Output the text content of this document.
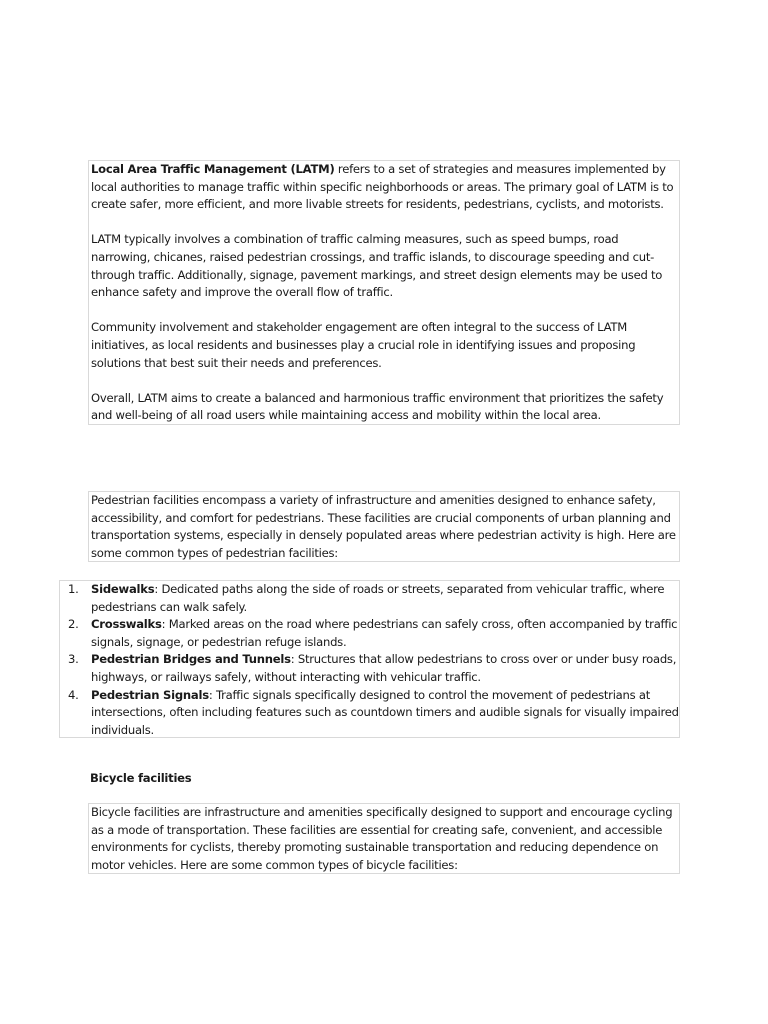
Local Area Traffic Management (LATM) refers to a set of strategies and measures implemented by local authorities to manage traffic within specific neighborhoods or areas. The primary goal of LATM is to create safer, more efficient, and more livable streets for residents, pedestrians, cyclists, and motorists.

LATM typically involves a combination of traffic calming measures, such as speed bumps, road narrowing, chicanes, raised pedestrian crossings, and traffic islands, to discourage speeding and cut-through traffic. Additionally, signage, pavement markings, and street design elements may be used to enhance safety and improve the overall flow of traffic.

Community involvement and stakeholder engagement are often integral to the success of LATM initiatives, as local residents and businesses play a crucial role in identifying issues and proposing solutions that best suit their needs and preferences.

Overall, LATM aims to create a balanced and harmonious traffic environment that prioritizes the safety and well-being of all road users while maintaining access and mobility within the local area.

Pedestrian facilities encompass a variety of infrastructure and amenities designed to enhance safety, accessibility, and comfort for pedestrians. These facilities are crucial components of urban planning and transportation systems, especially in densely populated areas where pedestrian activity is high. Here are some common types of pedestrian facilities:

1. Sidewalks: Dedicated paths along the side of roads or streets, separated from vehicular traffic, where pedestrians can walk safely.
2. Crosswalks: Marked areas on the road where pedestrians can safely cross, often accompanied by traffic signals, signage, or pedestrian refuge islands.
3. Pedestrian Bridges and Tunnels: Structures that allow pedestrians to cross over or under busy roads, highways, or railways safely, without interacting with vehicular traffic.
4. Pedestrian Signals: Traffic signals specifically designed to control the movement of pedestrians at intersections, often including features such as countdown timers and audible signals for visually impaired individuals.

Bicycle facilities

Bicycle facilities are infrastructure and amenities specifically designed to support and encourage cycling as a mode of transportation. These facilities are essential for creating safe, convenient, and accessible environments for cyclists, thereby promoting sustainable transportation and reducing dependence on motor vehicles. Here are some common types of bicycle facilities:
